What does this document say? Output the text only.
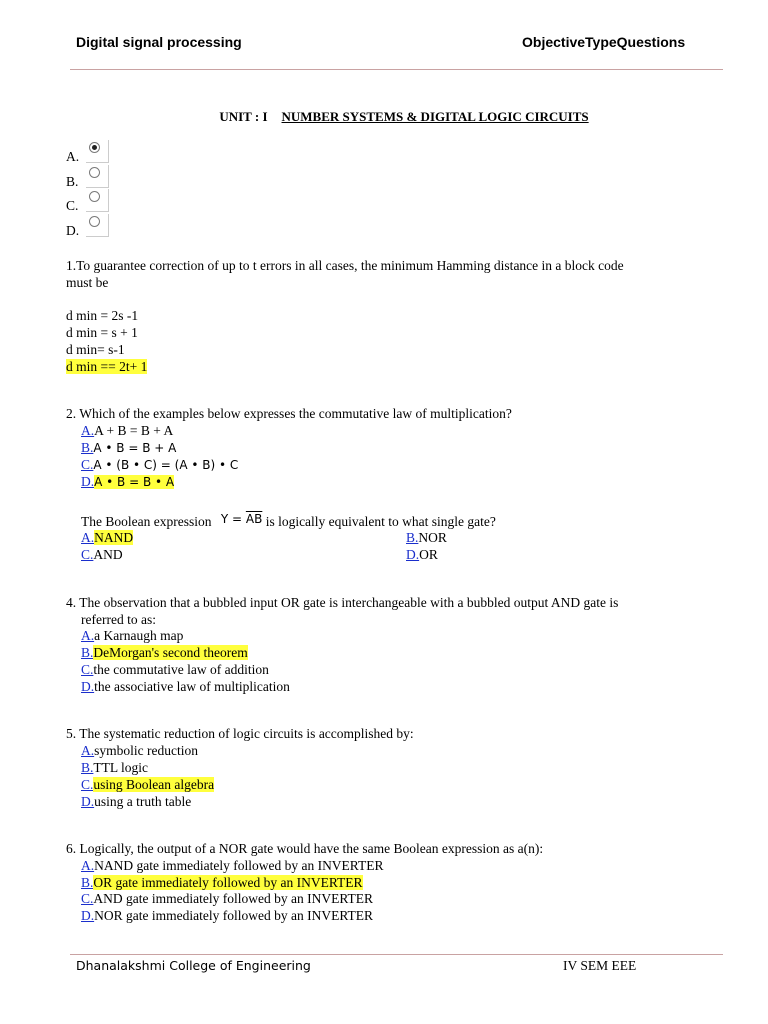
Digital signal processing	ObjectiveTypeQuestions
UNIT : I NUMBER SYSTEMS & DIGITAL LOGIC CIRCUITS
A.
B.
C.
D.
1.To guarantee correction of up to t errors in all cases, the minimum Hamming distance in a block code
must be
d min = 2s -1
d min = s + 1
d min= s-1
d min == 2t+ 1
2. Which of the examples below expresses the commutative law of multiplication?
A.A + B = B + A
B.A • B = B + A
C.A • (B • C) = (A • B) • C
D.A • B = B • A
The Boolean expression $Y = \overline{AB}$ is logically equivalent to what single gate?
A.NAND	B.NOR
C.AND	D.OR
4. The observation that a bubbled input OR gate is interchangeable with a bubbled output AND gate is
referred to as:
A.a Karnaugh map
B.DeMorgan's second theorem
C.the commutative law of addition
D.the associative law of multiplication
5. The systematic reduction of logic circuits is accomplished by:
A.symbolic reduction
B.TTL logic
C.using Boolean algebra
D.using a truth table
6. Logically, the output of a NOR gate would have the same Boolean expression as a(n):
A.NAND gate immediately followed by an INVERTER
B.OR gate immediately followed by an INVERTER
C.AND gate immediately followed by an INVERTER
D.NOR gate immediately followed by an INVERTER
Dhanalakshmi College of Engineering	IV SEM EEE
